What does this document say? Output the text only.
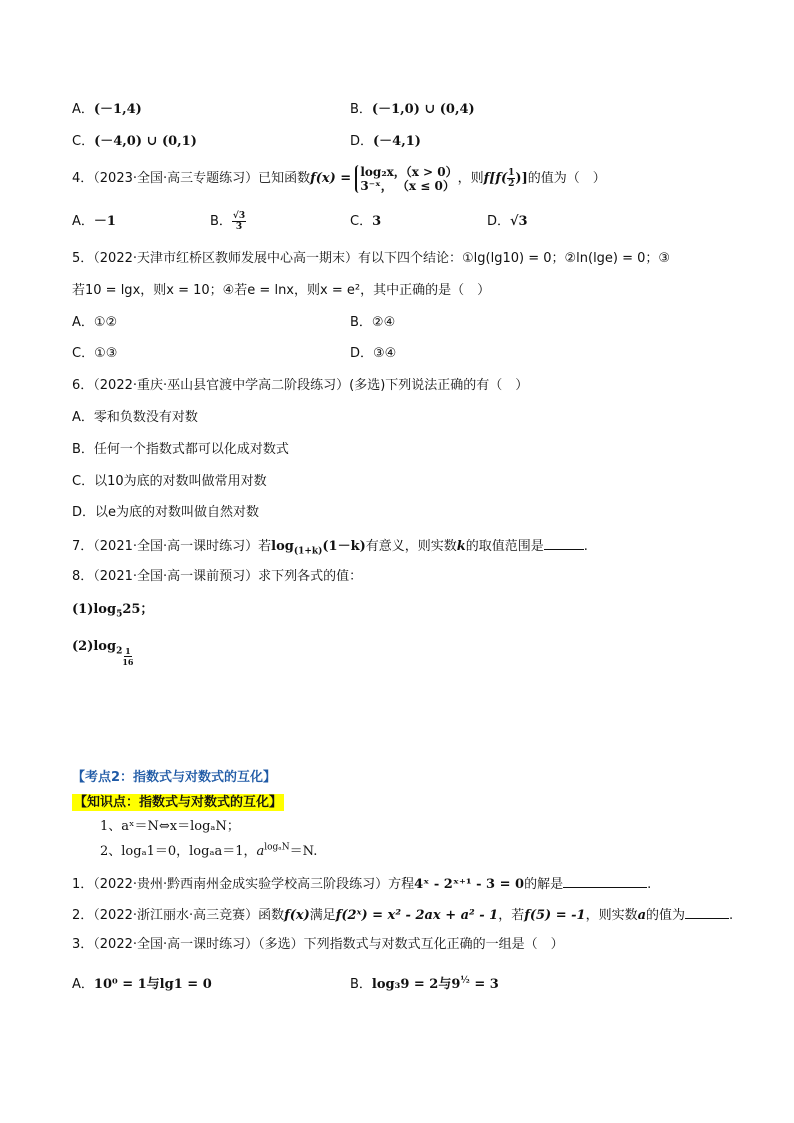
A．(－1,4)	B．(－1,0) ∪ (0,4)
C．(－4,0) ∪ (0,1)	D．(－4,1)
4．（2023·全国·高三专题练习）已知函数f(x) = log₂x，（x > 0）
3⁻ˣ， （x ≤ 0） ，则$f[f( \frac{1}{2}$ )]的值为（　）
A．－1	B． $\frac{√3}{3}$	C．3	D．√3
5．（2022·天津市红桥区教师发展中心高一期末）有以下四个结论：①lg(lg10) = 0；②ln(lge) = 0；③
若10 = lgx，则x = 10；④若e = lnx，则x = e²，其中正确的是（　）
A．①②	B．②④
C．①③	D．③④
6．（2022·重庆·巫山县官渡中学高二阶段练习）(多选)下列说法正确的有（　）
A．零和负数没有对数
B．任何一个指数式都可以化成对数式
C．以10为底的对数叫做常用对数
D．以e为底的对数叫做自然对数
7．（2021·全国·高一课时练习）若$\log_{(1+k)}(1-k)$有意义，则实数k的取值范围是	.
8．（2021·全国·高一课前预习）求下列各式的值：
$(1)\log_525$；
$(2)\log_2 \frac{1}{16}$
【考点2：指数式与对数式的互化】
【知识点：指数式与对数式的互化】
1、aˣ＝N⇔x＝logₐN；
2、logₐ1＝0，logₐa＝1，$a^{log_aN}=N$.
1．（2022·贵州·黔西南州金成实验学校高三阶段练习）方程4ˣ - 2ˣ⁺¹ - 3 = 0的解是	.
2．（2022·浙江丽水·高三竞赛）函数f(x)满足f(2ˣ) = x² - 2ax + a² - 1，若f(5) = -1，则实数a的值为	.
3．（2022·全国·高一课时练习）（多选）下列指数式与对数式互化正确的一组是（　）
A．10⁰ = 1与lg1 = 0	B．log₃9 = 2与$9^{\frac{1}{2}} = 3$
